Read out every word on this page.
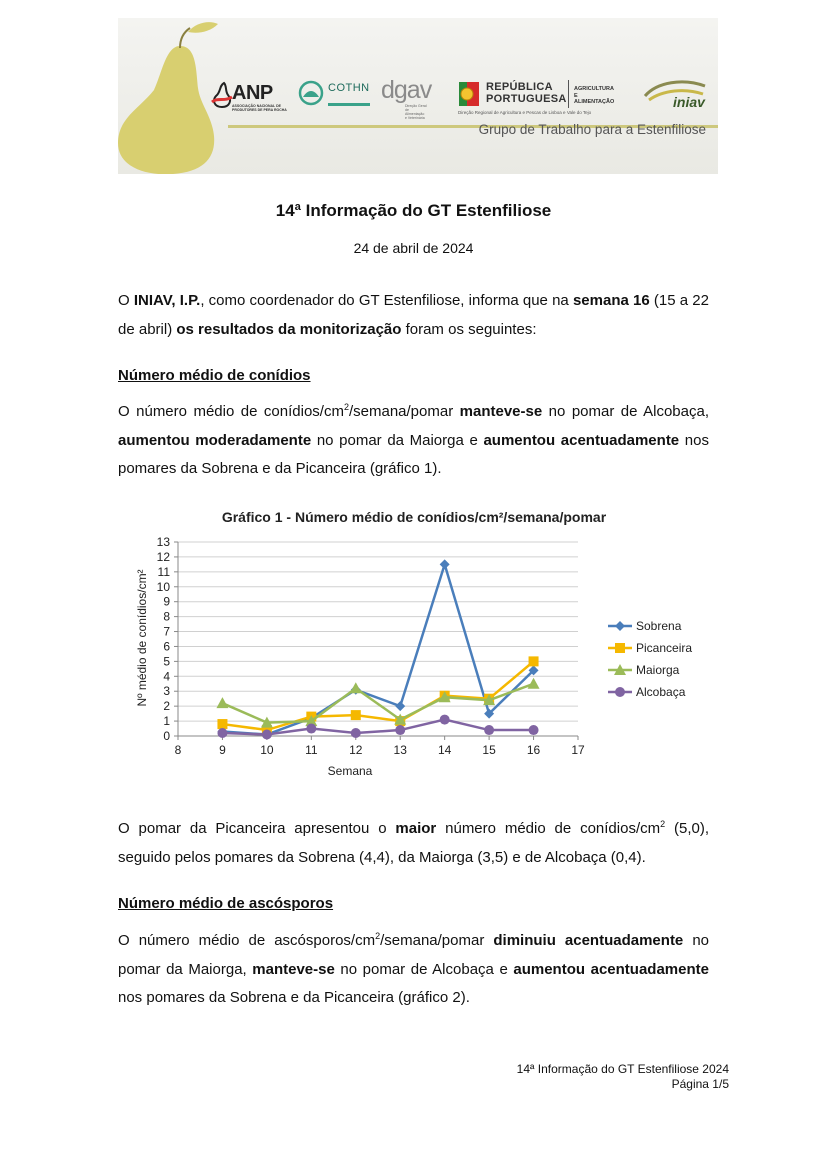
ANP
ASSOCIAÇÃO NACIONAL DE PRODUTORES DE PERA ROCHA
COTHN dgav
Direção Geral de Alimentação e Veterinária
REPÚBLICA
PORTUGUESA
AGRICULTURA
E ALIMENTAÇÃO
Direção Regional de Agricultura e Pescas de Lisboa e Vale do Tejo
iniav
Grupo de Trabalho para a Estenfiliose
14ª Informação do GT Estenfiliose
24 de abril de 2024
O INIAV, I.P., como coordenador do GT Estenfiliose, informa que na semana 16 (15 a 22 de abril) os resultados da monitorização foram os seguintes:
Número médio de conídios
O número médio de conídios/$cm^2/semana$/pomar manteve-se no pomar de Alcobaça, aumentou moderadamente no pomar da Maiorga e aumentou acentuadamente nos pomares da Sobrena e da Picanceira (gráfico 1).
Gráfico 1 - Número médio de conídios/cm²/semana/pomar
Nº médio de conídios/cm²
Semana
0
1
2
3
4
5
6
7
8
9
10
11
12
13
8	9	10	11	12	13	14	15	16	17
Sobrena
Picanceira
Maiorga
Alcobaça
O pomar da Picanceira apresentou o maior número médio de conídios/$cm^2$ (5,0), seguido pelos pomares da Sobrena (4,4), da Maiorga (3,5) e de Alcobaça (0,4).
Número médio de ascósporos
O número médio de ascósporos/$cm^2/semana$/pomar diminuiu acentuadamente no pomar da Maiorga, manteve-se no pomar de Alcobaça e aumentou acentuadamente nos pomares da Sobrena e da Picanceira (gráfico 2).
14ª Informação do GT Estenfiliose 2024
Página 1/5
